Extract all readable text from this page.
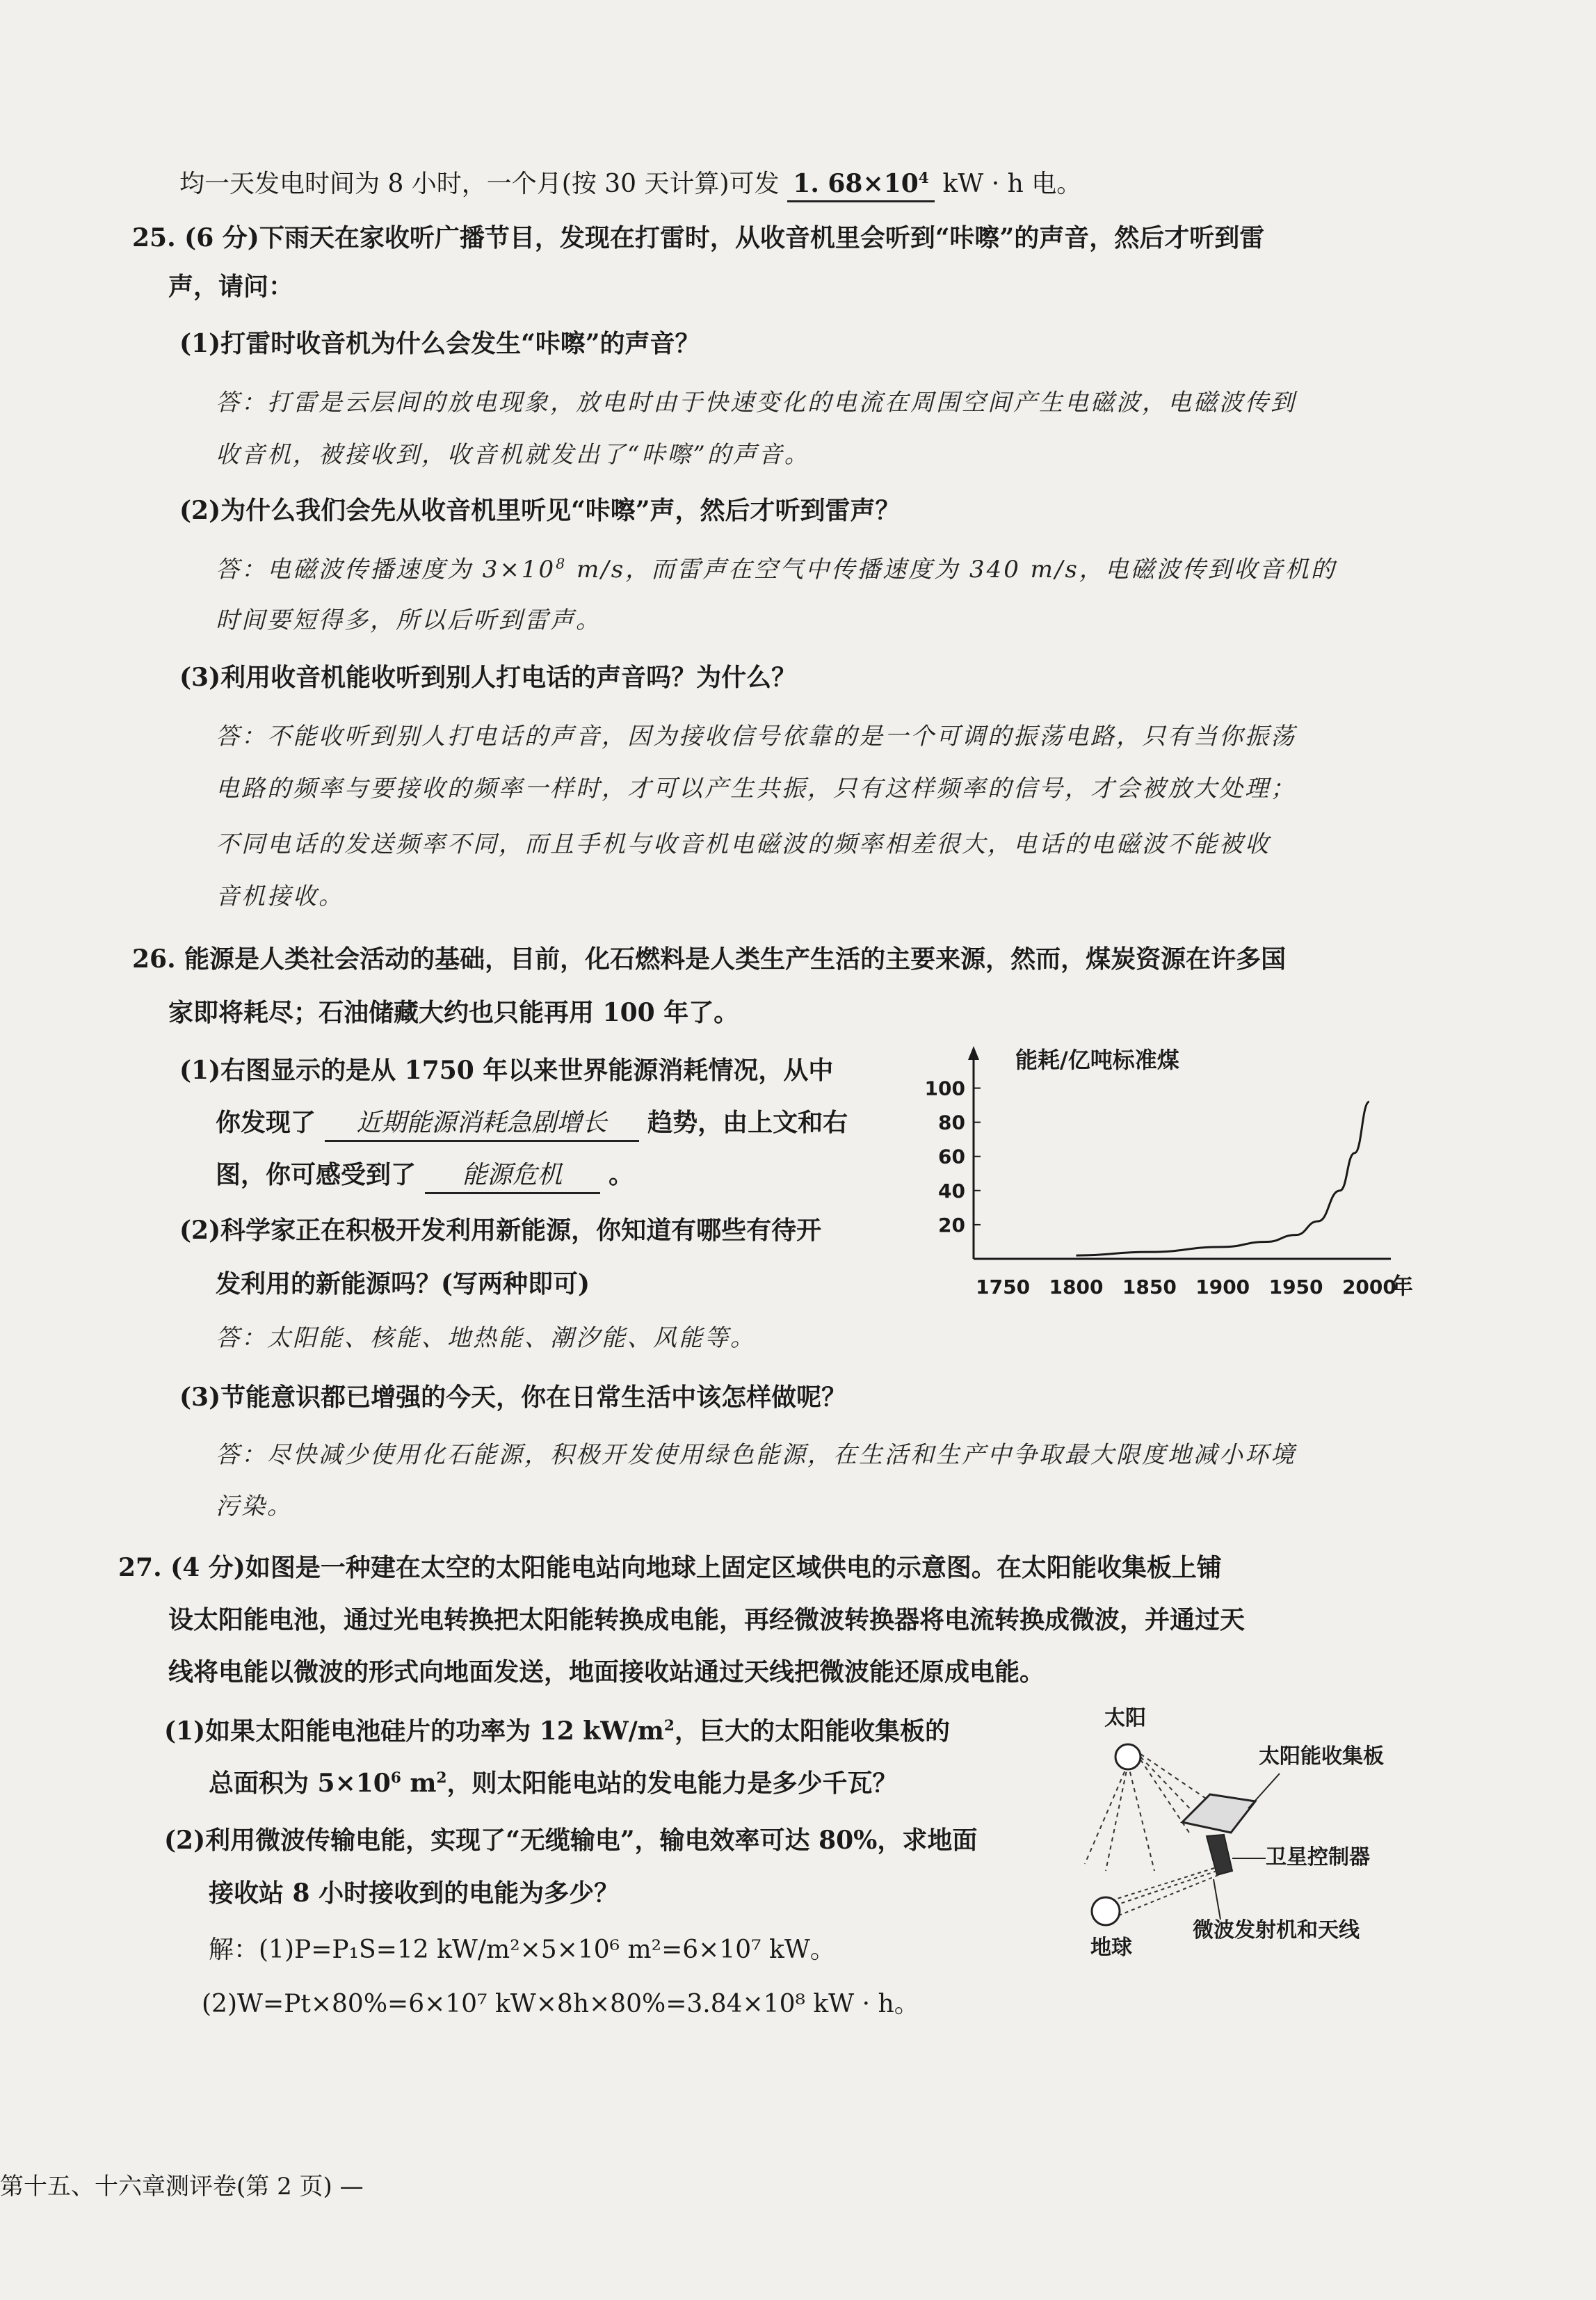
均一天发电时间为 8 小时，一个月(按 30 天计算)可发 1. $68\times 10^4$ kW · h 电。
25. (6 分)下雨天在家收听广播节目，发现在打雷时，从收音机里会听到“咔嚓”的声音，然后才听到雷
声，请问：
(1)打雷时收音机为什么会发生“咔嚓”的声音？
答：打雷是云层间的放电现象，放电时由于快速变化的电流在周围空间产生电磁波，电磁波传到
收音机，被接收到，收音机就发出了“咔嚓”的声音。
(2)为什么我们会先从收音机里听见“咔嚓”声，然后才听到雷声？
答：电磁波传播速度为 $3\times 10^8$ m/s，而雷声在空气中传播速度为 340 m/s，电磁波传到收音机的
时间要短得多，所以后听到雷声。
(3)利用收音机能收听到别人打电话的声音吗？为什么？
答：不能收听到别人打电话的声音，因为接收信号依靠的是一个可调的振荡电路，只有当你振荡
电路的频率与要接收的频率一样时，才可以产生共振，只有这样频率的信号，才会被放大处理；
不同电话的发送频率不同，而且手机与收音机电磁波的频率相差很大，电话的电磁波不能被收
音机接收。
26. 能源是人类社会活动的基础，目前，化石燃料是人类生产生活的主要来源，然而，煤炭资源在许多国
家即将耗尽；石油储藏大约也只能再用 100 年了。
(1)右图显示的是从 1750 年以来世界能源消耗情况，从中
你发现了 近期能源消耗急剧增长 趋势，由上文和右
图，你可感受到了 能源危机 。
(2)科学家正在积极开发利用新能源，你知道有哪些有待开
发利用的新能源吗？(写两种即可)
答：太阳能、核能、地热能、潮汐能、风能等。
(3)节能意识都已增强的今天，你在日常生活中该怎样做呢？
答：尽快减少使用化石能源，积极开发使用绿色能源，在生活和生产中争取最大限度地减小环境
污染。
20
40
60
80
100
1750 1800 1850 1900 1950 2000
能耗/亿吨标准煤
年
27. (4 分)如图是一种建在太空的太阳能电站向地球上固定区域供电的示意图。在太阳能收集板上铺
设太阳能电池，通过光电转换把太阳能转换成电能，再经微波转换器将电流转换成微波，并通过天
线将电能以微波的形式向地面发送，地面接收站通过天线把微波能还原成电能。
(1)如果太阳能电池硅片的功率为 12 $kW/m^2$，巨大的太阳能收集板的
总面积为 $5\times 10^6$ $m^2$，则太阳能电站的发电能力是多少千瓦？
(2)利用微波传输电能，实现了“无缆输电”，输电效率可达 80%，求地面
接收站 8 小时接收到的电能为多少？
解：(1)P=P₁S=12 kW/m²×5×10⁶ m²=6×10⁷ kW。
(2)W=Pt×80%=6×10⁷ kW×8h×80%=3.84×10⁸ kW · h。
太阳
太阳能收集板
卫星控制器
地球
微波发射机和天线
第十五、十六章测评卷(第 2 页) —
